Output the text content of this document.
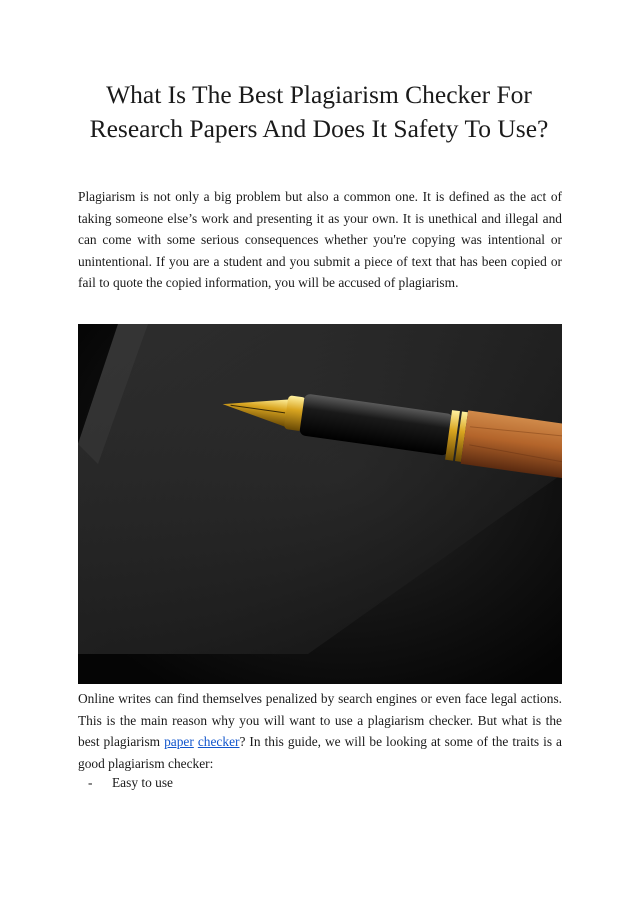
What Is The Best Plagiarism Checker For Research Papers And Does It Safety To Use?

Plagiarism is not only a big problem but also a common one. It is defined as the act of taking someone else’s work and presenting it as your own. It is unethical and illegal and can come with some serious consequences whether you're copying was intentional or unintentional. If you are a student and you submit a piece of text that has been copied or fail to quote the copied information, you will be accused of plagiarism.

Online writes can find themselves penalized by search engines or even face legal actions. This is the main reason why you will want to use a plagiarism checker. But what is the best plagiarism paper checker? In this guide, we will be looking at some of the traits is a good plagiarism checker:

-	Easy to use
